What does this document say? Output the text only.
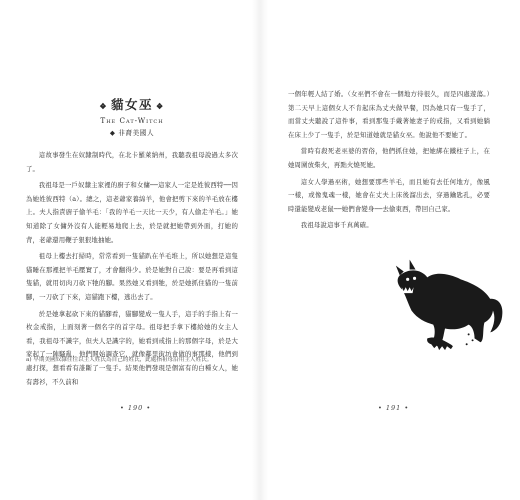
❖ 貓女巫 ❖
The Cat-Witch
◆ 非裔美國人

這故事發生在奴隸制時代，在北卡羅萊納州，我聽我祖母說過太多次了。

我祖母是一戶奴隸主家裡的廚子和女傭──這家人一定是姓彼西特──因為她姓彼西特（a）。總之，這老爺家養綿羊，他會把剪下來的羊毛放在樓上。夫人指責廚子偷羊毛：「我的羊毛一天比一天少，有人偷走羊毛。」她知道除了女傭外沒有人能輕易地爬上去，於是就把她帶到外面，打她的背，老爺還用鞭子狠狠地抽她。

祖母上樓去打掃時，常常看到一隻貓趴在羊毛堆上，所以她想是這隻貓睡在那裡把羊毛壓實了，才會翻得少。於是她對自己說：要是再看到這隻貓，就用切肉刀砍下牠的腳。果然她又看到牠，於是她抓住貓的一隻前腳，一刀砍了下來，這貓跑下樓，逃出去了。

於是她拿起砍下來的貓腳看，貓腳變成一隻人手，這手的手指上有一枚金戒指，上面刻著一個名字的首字母。祖母把手拿下樓給她的女主人看，我祖母不識字，但夫人是識字的，她看到戒指上的那個字母，於是大家起了一陣騷亂，他們開始調查它，就像鄰里街坊會做的事那樣，他們到處打探，想看看有誰斷了一隻手。結果他們發現是個富有的白種女人，她有壽衫，不久前和

a) 早期美國奴隸往往以主人姓氏為自己的姓氏，此處指祖母沿用主人姓氏。
• 190 •

一個年輕人結了婚。（女巫們不會在一個地方待很久，而是四處遊蕩。）第二天早上這個女人不肯起床為丈夫做早餐，因為她只有一隻手了，而當丈夫聽說了這件事，看到那隻手戴著她妻子的戒指，又看到她躺在床上少了一隻手，於是知道她就是貓女巫。他說他不要她了。

當時有殺死老巫婆的習俗，他們抓住她，把她綁在鐵柱子上，在她周圍放柴火，再點火燒死她。

這女人學過巫術，她想要那些羊毛，而且她有去任何地方，像風一樣，或像鬼魂一樣，她會在丈夫上床後溜出去，穿過鑰匙孔，必要時還能變成老鼠──她們會變身──去偷東西，帶回自己家。

我祖母說這事千真萬確。

• 191 •
